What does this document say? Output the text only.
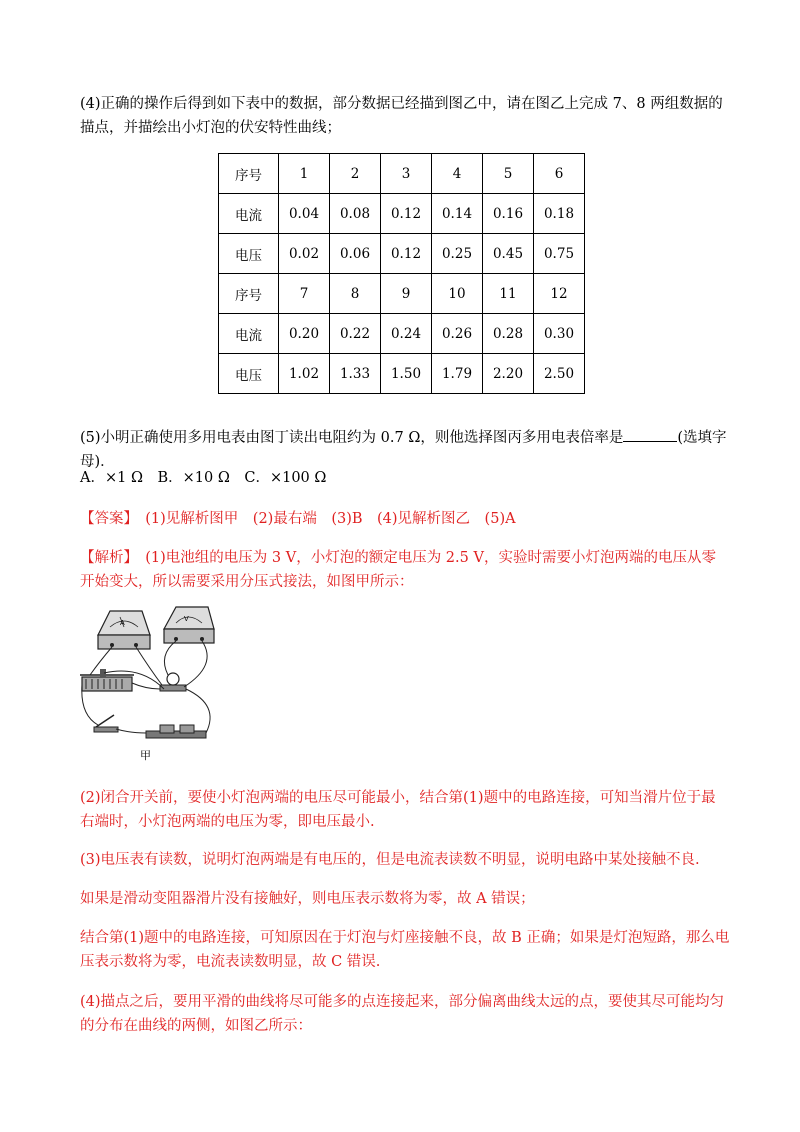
(4)正确的操作后得到如下表中的数据，部分数据已经描到图乙中，请在图乙上完成 7、8 两组数据的描点，并描绘出小灯泡的伏安特性曲线；

序号	1	2	3	4	5	6
电流	0.04	0.08	0.12	0.14	0.16	0.18
电压	0.02	0.06	0.12	0.25	0.45	0.75
序号	7	8	9	10	11	12
电流	0.20	0.22	0.24	0.26	0.28	0.30
电压	1.02	1.33	1.50	1.79	2.20	2.50

(5)小明正确使用多用电表由图丁读出电阻约为 0.7 Ω，则他选择图丙多用电表倍率是	(选填字母)．

A．×1 Ω　B．×10 Ω　C．×100 Ω

【答案】　(1)见解析图甲　(2)最右端　(3)B　(4)见解析图乙　(5)A

【解析】　(1)电池组的电压为 3 V，小灯泡的额定电压为 2.5 V，实验时需要小灯泡两端的电压从零开始变大，所以需要采用分压式接法，如图甲所示：

A
V
甲

(2)闭合开关前，要使小灯泡两端的电压尽可能最小，结合第(1)题中的电路连接，可知当滑片位于最右端时，小灯泡两端的电压为零，即电压最小.

(3)电压表有读数，说明灯泡两端是有电压的，但是电流表读数不明显，说明电路中某处接触不良.

如果是滑动变阻器滑片没有接触好，则电压表示数将为零，故 A 错误；

结合第(1)题中的电路连接，可知原因在于灯泡与灯座接触不良，故 B 正确；如果是灯泡短路，那么电压表示数将为零，电流表读数明显，故 C 错误.

(4)描点之后，要用平滑的曲线将尽可能多的点连接起来，部分偏离曲线太远的点，要使其尽可能均匀的分布在曲线的两侧，如图乙所示：
